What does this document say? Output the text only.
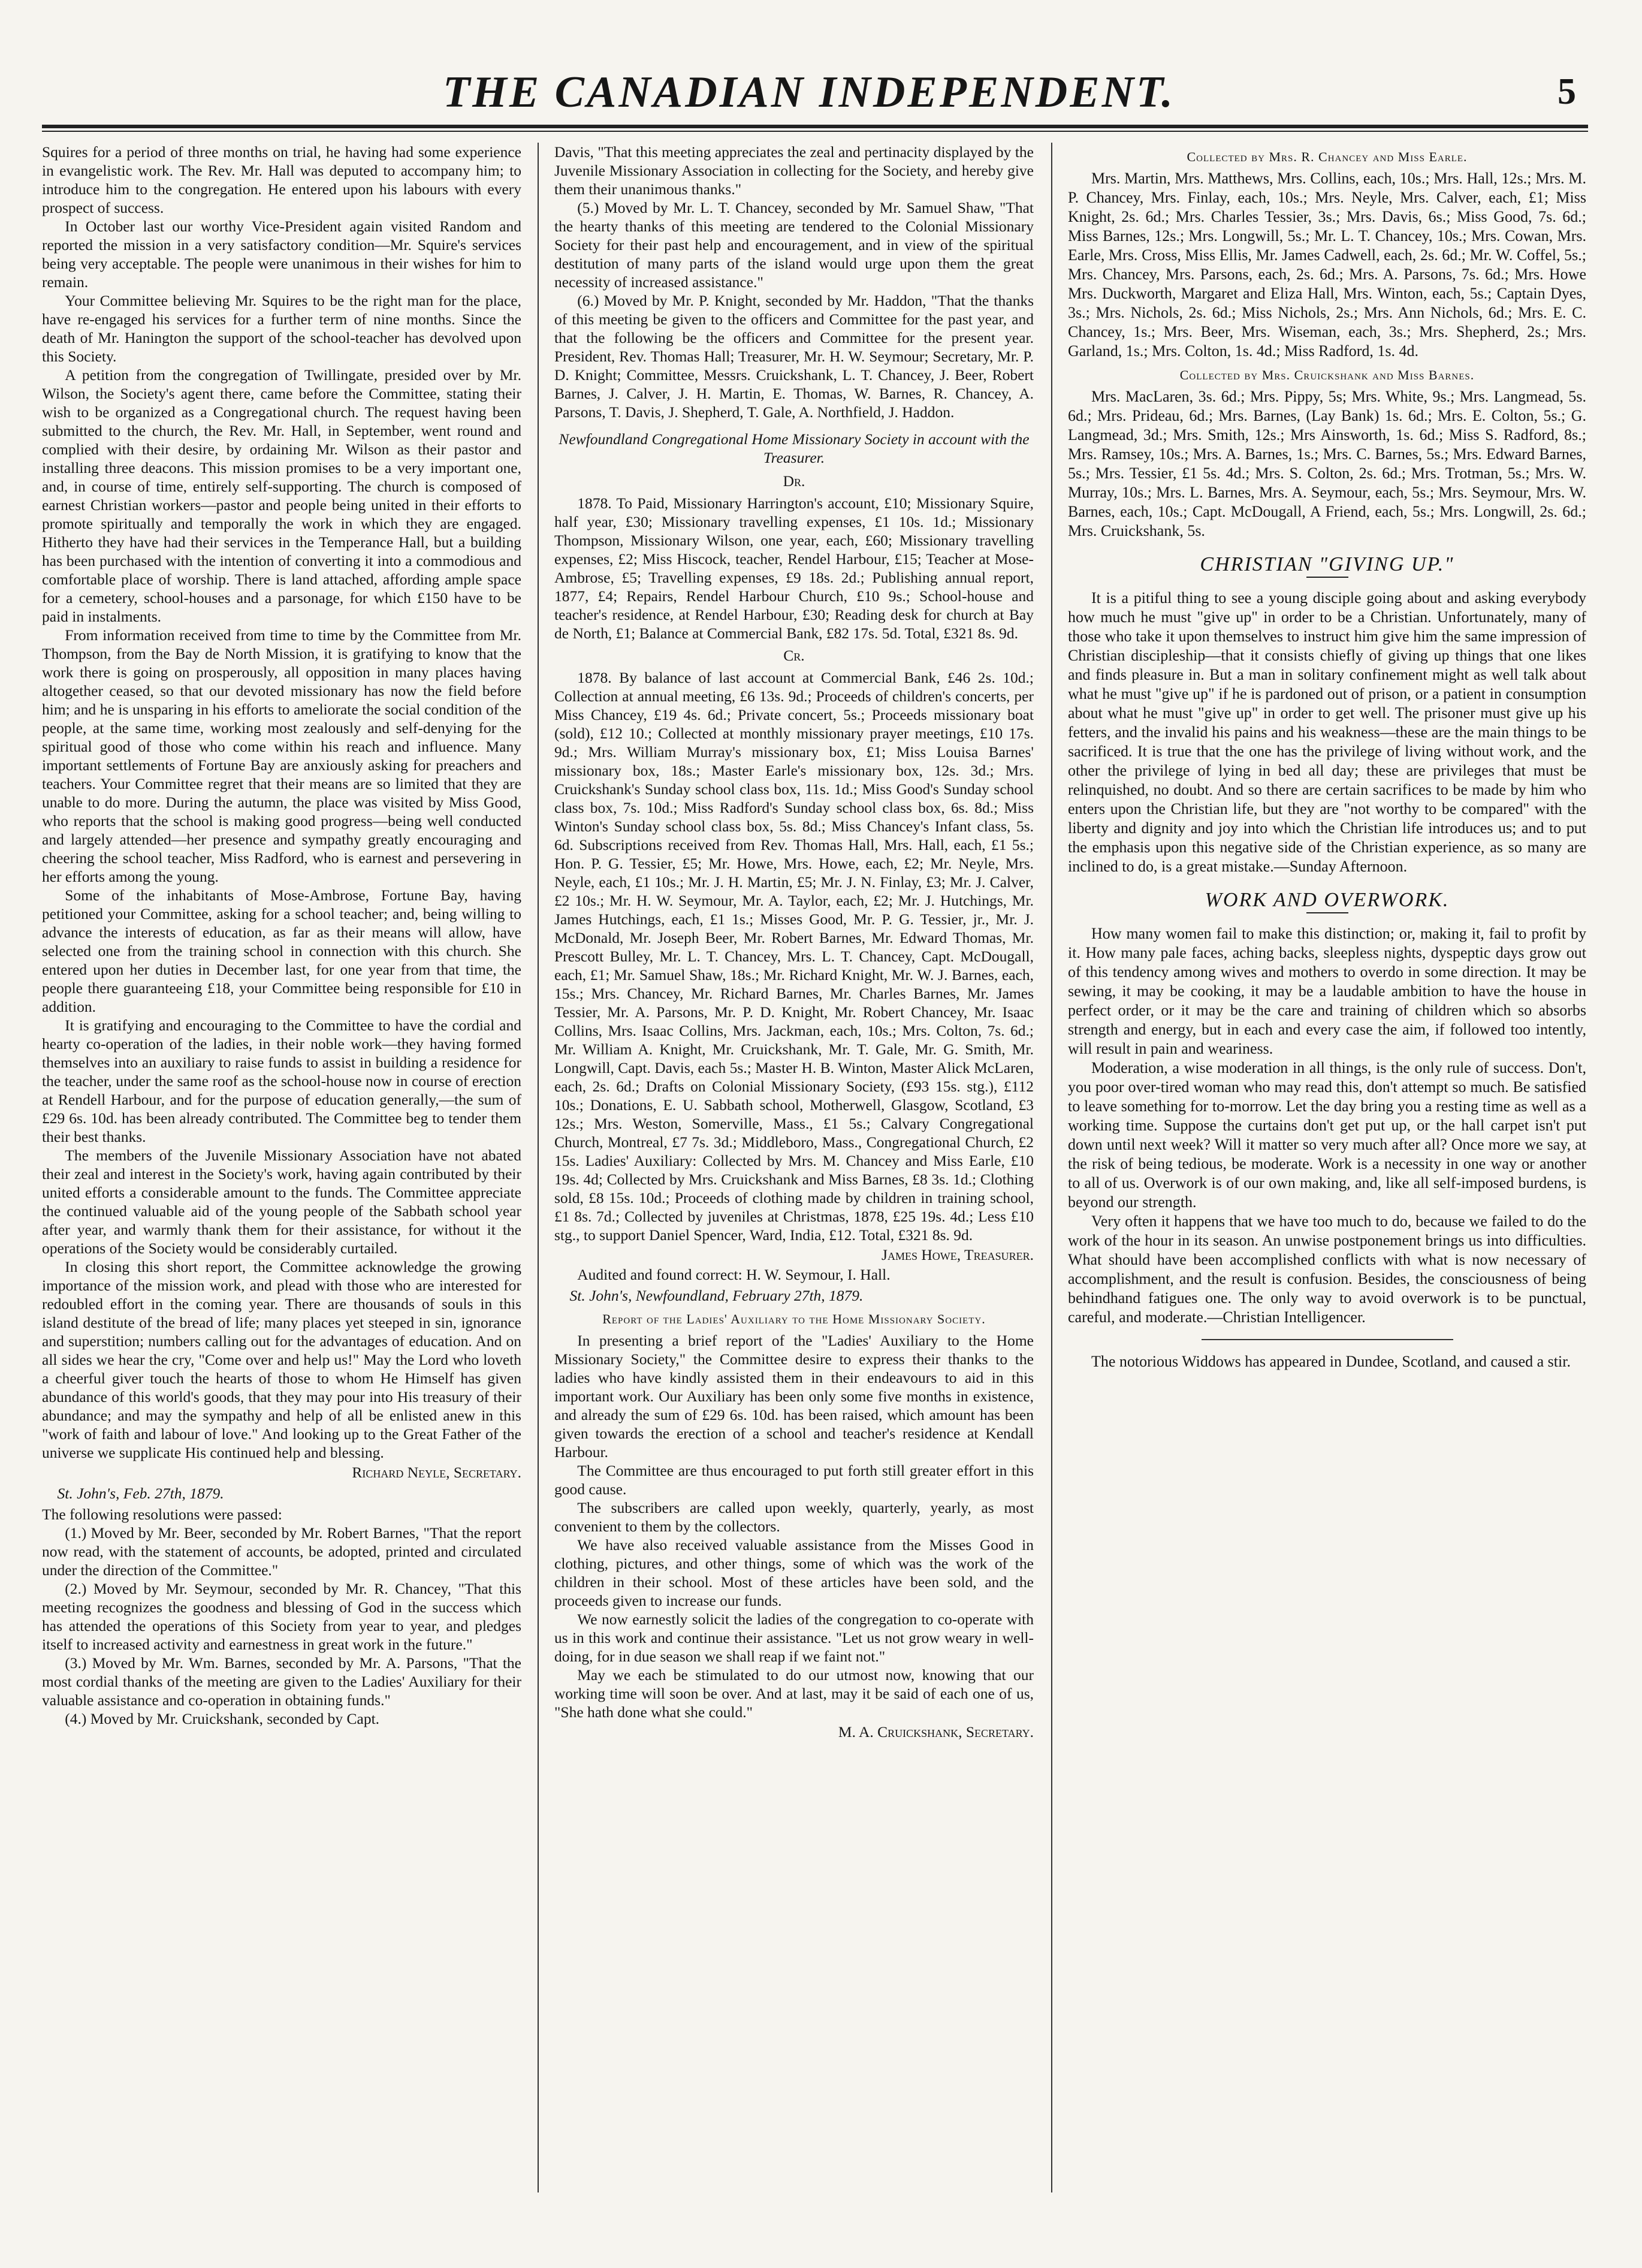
THE CANADIAN INDEPENDENT.	5

Squires for a period of three months on trial, he having had some experience in evangelistic work. The Rev. Mr. Hall was deputed to accompany him; to introduce him to the congregation. He entered upon his labours with every prospect of success.

In October last our worthy Vice-President again visited Random and reported the mission in a very satisfactory condition—Mr. Squire's services being very acceptable. The people were unanimous in their wishes for him to remain.

Your Committee believing Mr. Squires to be the right man for the place, have re-engaged his services for a further term of nine months. Since the death of Mr. Hanington the support of the school-teacher has devolved upon this Society.

A petition from the congregation of Twillingate, presided over by Mr. Wilson, the Society's agent there, came before the Committee, stating their wish to be organized as a Congregational church. The request having been submitted to the church, the Rev. Mr. Hall, in September, went round and complied with their desire, by ordaining Mr. Wilson as their pastor and installing three deacons. This mission promises to be a very important one, and, in course of time, entirely self-supporting. The church is composed of earnest Christian workers—pastor and people being united in their efforts to promote spiritually and temporally the work in which they are engaged. Hitherto they have had their services in the Temperance Hall, but a building has been purchased with the intention of converting it into a commodious and comfortable place of worship. There is land attached, affording ample space for a cemetery, school-houses and a parsonage, for which £150 have to be paid in instalments.

From information received from time to time by the Committee from Mr. Thompson, from the Bay de North Mission, it is gratifying to know that the work there is going on prosperously, all opposition in many places having altogether ceased, so that our devoted missionary has now the field before him; and he is unsparing in his efforts to ameliorate the social condition of the people, at the same time, working most zealously and self-denying for the spiritual good of those who come within his reach and influence. Many important settlements of Fortune Bay are anxiously asking for preachers and teachers. Your Committee regret that their means are so limited that they are unable to do more. During the autumn, the place was visited by Miss Good, who reports that the school is making good progress—being well conducted and largely attended—her presence and sympathy greatly encouraging and cheering the school teacher, Miss Radford, who is earnest and persevering in her efforts among the young.

Some of the inhabitants of Mose-Ambrose, Fortune Bay, having petitioned your Committee, asking for a school teacher; and, being willing to advance the interests of education, as far as their means will allow, have selected one from the training school in connection with this church. She entered upon her duties in December last, for one year from that time, the people there guaranteeing £18, your Committee being responsible for £10 in addition.

It is gratifying and encouraging to the Committee to have the cordial and hearty co-operation of the ladies, in their noble work—they having formed themselves into an auxiliary to raise funds to assist in building a residence for the teacher, under the same roof as the school-house now in course of erection at Rendell Harbour, and for the purpose of education generally,—the sum of £29 6s. 10d. has been already contributed. The Committee beg to tender them their best thanks.

The members of the Juvenile Missionary Association have not abated their zeal and interest in the Society's work, having again contributed by their united efforts a considerable amount to the funds. The Committee appreciate the continued valuable aid of the young people of the Sabbath school year after year, and warmly thank them for their assistance, for without it the operations of the Society would be considerably curtailed.

In closing this short report, the Committee acknowledge the growing importance of the mission work, and plead with those who are interested for redoubled effort in the coming year. There are thousands of souls in this island destitute of the bread of life; many places yet steeped in sin, ignorance and superstition; numbers calling out for the advantages of education. And on all sides we hear the cry, "Come over and help us!" May the Lord who loveth a cheerful giver touch the hearts of those to whom He Himself has given abundance of this world's goods, that they may pour into His treasury of their abundance; and may the sympathy and help of all be enlisted anew in this "work of faith and labour of love." And looking up to the Great Father of the universe we supplicate His continued help and blessing.

Richard Neyle, Secretary.
St. John's, Feb. 27th, 1879.

The following resolutions were passed:

(1.) Moved by Mr. Beer, seconded by Mr. Robert Barnes, "That the report now read, with the statement of accounts, be adopted, printed and circulated under the direction of the Committee."

(2.) Moved by Mr. Seymour, seconded by Mr. R. Chancey, "That this meeting recognizes the goodness and blessing of God in the success which has attended the operations of this Society from year to year, and pledges itself to increased activity and earnestness in great work in the future."

(3.) Moved by Mr. Wm. Barnes, seconded by Mr. A. Parsons, "That the most cordial thanks of the meeting are given to the Ladies' Auxiliary for their valuable assistance and co-operation in obtaining funds."

(4.) Moved by Mr. Cruickshank, seconded by Capt.

Davis, "That this meeting appreciates the zeal and pertinacity displayed by the Juvenile Missionary Association in collecting for the Society, and hereby give them their unanimous thanks."

(5.) Moved by Mr. L. T. Chancey, seconded by Mr. Samuel Shaw, "That the hearty thanks of this meeting are tendered to the Colonial Missionary Society for their past help and encouragement, and in view of the spiritual destitution of many parts of the island would urge upon them the great necessity of increased assistance."

(6.) Moved by Mr. P. Knight, seconded by Mr. Haddon, "That the thanks of this meeting be given to the officers and Committee for the past year, and that the following be the officers and Committee for the present year. President, Rev. Thomas Hall; Treasurer, Mr. H. W. Seymour; Secretary, Mr. P. D. Knight; Committee, Messrs. Cruickshank, L. T. Chancey, J. Beer, Robert Barnes, J. Calver, J. H. Martin, E. Thomas, W. Barnes, R. Chancey, A. Parsons, T. Davis, J. Shepherd, T. Gale, A. Northfield, J. Haddon.

Newfoundland Congregational Home Missionary Society in account with the Treasurer.
Dr.

1878. To Paid, Missionary Harrington's account, £10; Missionary Squire, half year, £30; Missionary travelling expenses, £1 10s. 1d.; Missionary Thompson, Missionary Wilson, one year, each, £60; Missionary travelling expenses, £2; Miss Hiscock, teacher, Rendel Harbour, £15; Teacher at Mose-Ambrose, £5; Travelling expenses, £9 18s. 2d.; Publishing annual report, 1877, £4; Repairs, Rendel Harbour Church, £10 9s.; School-house and teacher's residence, at Rendel Harbour, £30; Reading desk for church at Bay de North, £1; Balance at Commercial Bank, £82 17s. 5d. Total, £321 8s. 9d.

Cr.

1878. By balance of last account at Commercial Bank, £46 2s. 10d.; Collection at annual meeting, £6 13s. 9d.; Proceeds of children's concerts, per Miss Chancey, £19 4s. 6d.; Private concert, 5s.; Proceeds missionary boat (sold), £12 10.; Collected at monthly missionary prayer meetings, £10 17s. 9d.; Mrs. William Murray's missionary box, £1; Miss Louisa Barnes' missionary box, 18s.; Master Earle's missionary box, 12s. 3d.; Mrs. Cruickshank's Sunday school class box, 11s. 1d.; Miss Good's Sunday school class box, 7s. 10d.; Miss Radford's Sunday school class box, 6s. 8d.; Miss Winton's Sunday school class box, 5s. 8d.; Miss Chancey's Infant class, 5s. 6d. Subscriptions received from Rev. Thomas Hall, Mrs. Hall, each, £1 5s.; Hon. P. G. Tessier, £5; Mr. Howe, Mrs. Howe, each, £2; Mr. Neyle, Mrs. Neyle, each, £1 10s.; Mr. J. H. Martin, £5; Mr. J. N. Finlay, £3; Mr. J. Calver, £2 10s.; Mr. H. W. Seymour, Mr. A. Taylor, each, £2; Mr. J. Hutchings, Mr. James Hutchings, each, £1 1s.; Misses Good, Mr. P. G. Tessier, jr., Mr. J. McDonald, Mr. Joseph Beer, Mr. Robert Barnes, Mr. Edward Thomas, Mr. Prescott Bulley, Mr. L. T. Chancey, Mrs. L. T. Chancey, Capt. McDougall, each, £1; Mr. Samuel Shaw, 18s.; Mr. Richard Knight, Mr. W. J. Barnes, each, 15s.; Mrs. Chancey, Mr. Richard Barnes, Mr. Charles Barnes, Mr. James Tessier, Mr. A. Parsons, Mr. P. D. Knight, Mr. Robert Chancey, Mr. Isaac Collins, Mrs. Isaac Collins, Mrs. Jackman, each, 10s.; Mrs. Colton, 7s. 6d.; Mr. William A. Knight, Mr. Cruickshank, Mr. T. Gale, Mr. G. Smith, Mr. Longwill, Capt. Davis, each 5s.; Master H. B. Winton, Master Alick McLaren, each, 2s. 6d.; Drafts on Colonial Missionary Society, (£93 15s. stg.), £112 10s.; Donations, E. U. Sabbath school, Motherwell, Glasgow, Scotland, £3 12s.; Mrs. Weston, Somerville, Mass., £1 5s.; Calvary Congregational Church, Montreal, £7 7s. 3d.; Middleboro, Mass., Congregational Church, £2 15s. Ladies' Auxiliary: Collected by Mrs. M. Chancey and Miss Earle, £10 19s. 4d; Collected by Mrs. Cruickshank and Miss Barnes, £8 3s. 1d.; Clothing sold, £8 15s. 10d.; Proceeds of clothing made by children in training school, £1 8s. 7d.; Collected by juveniles at Christmas, 1878, £25 19s. 4d.; Less £10 stg., to support Daniel Spencer, Ward, India, £12. Total, £321 8s. 9d.

James Howe, Treasurer.

Audited and found correct: H. W. Seymour, I. Hall.

St. John's, Newfoundland, February 27th, 1879.
Report of the Ladies' Auxiliary to the Home Missionary Society.

In presenting a brief report of the "Ladies' Auxiliary to the Home Missionary Society," the Committee desire to express their thanks to the ladies who have kindly assisted them in their endeavours to aid in this important work. Our Auxiliary has been only some five months in existence, and already the sum of £29 6s. 10d. has been raised, which amount has been given towards the erection of a school and teacher's residence at Kendall Harbour.

The Committee are thus encouraged to put forth still greater effort in this good cause.

The subscribers are called upon weekly, quarterly, yearly, as most convenient to them by the collectors.

We have also received valuable assistance from the Misses Good in clothing, pictures, and other things, some of which was the work of the children in their school. Most of these articles have been sold, and the proceeds given to increase our funds.

We now earnestly solicit the ladies of the congregation to co-operate with us in this work and continue their assistance. "Let us not grow weary in well-doing, for in due season we shall reap if we faint not."

May we each be stimulated to do our utmost now, knowing that our working time will soon be over. And at last, may it be said of each one of us, "She hath done what she could."

M. A. Cruickshank, Secretary.
Collected by Mrs. R. Chancey and Miss Earle.

Mrs. Martin, Mrs. Matthews, Mrs. Collins, each, 10s.; Mrs. Hall, 12s.; Mrs. M. P. Chancey, Mrs. Finlay, each, 10s.; Mrs. Neyle, Mrs. Calver, each, £1; Miss Knight, 2s. 6d.; Mrs. Charles Tessier, 3s.; Mrs. Davis, 6s.; Miss Good, 7s. 6d.; Miss Barnes, 12s.; Mrs. Longwill, 5s.; Mr. L. T. Chancey, 10s.; Mrs. Cowan, Mrs. Earle, Mrs. Cross, Miss Ellis, Mr. James Cadwell, each, 2s. 6d.; Mr. W. Coffel, 5s.; Mrs. Chancey, Mrs. Parsons, each, 2s. 6d.; Mrs. A. Parsons, 7s. 6d.; Mrs. Howe Mrs. Duckworth, Margaret and Eliza Hall, Mrs. Winton, each, 5s.; Captain Dyes, 3s.; Mrs. Nichols, 2s. 6d.; Miss Nichols, 2s.; Mrs. Ann Nichols, 6d.; Mrs. E. C. Chancey, 1s.; Mrs. Beer, Mrs. Wiseman, each, 3s.; Mrs. Shepherd, 2s.; Mrs. Garland, 1s.; Mrs. Colton, 1s. 4d.; Miss Radford, 1s. 4d.

Collected by Mrs. Cruickshank and Miss Barnes.

Mrs. MacLaren, 3s. 6d.; Mrs. Pippy, 5s; Mrs. White, 9s.; Mrs. Langmead, 5s. 6d.; Mrs. Prideau, 6d.; Mrs. Barnes, (Lay Bank) 1s. 6d.; Mrs. E. Colton, 5s.; G. Langmead, 3d.; Mrs. Smith, 12s.; Mrs Ainsworth, 1s. 6d.; Miss S. Radford, 8s.; Mrs. Ramsey, 10s.; Mrs. A. Barnes, 1s.; Mrs. C. Barnes, 5s.; Mrs. Edward Barnes, 5s.; Mrs. Tessier, £1 5s. 4d.; Mrs. S. Colton, 2s. 6d.; Mrs. Trotman, 5s.; Mrs. W. Murray, 10s.; Mrs. L. Barnes, Mrs. A. Seymour, each, 5s.; Mrs. Seymour, Mrs. W. Barnes, each, 10s.; Capt. McDougall, A Friend, each, 5s.; Mrs. Longwill, 2s. 6d.; Mrs. Cruickshank, 5s.

CHRISTIAN "GIVING UP."

It is a pitiful thing to see a young disciple going about and asking everybody how much he must "give up" in order to be a Christian. Unfortunately, many of those who take it upon themselves to instruct him give him the same impression of Christian discipleship—that it consists chiefly of giving up things that one likes and finds pleasure in. But a man in solitary confinement might as well talk about what he must "give up" if he is pardoned out of prison, or a patient in consumption about what he must "give up" in order to get well. The prisoner must give up his fetters, and the invalid his pains and his weakness—these are the main things to be sacrificed. It is true that the one has the privilege of living without work, and the other the privilege of lying in bed all day; these are privileges that must be relinquished, no doubt. And so there are certain sacrifices to be made by him who enters upon the Christian life, but they are "not worthy to be compared" with the liberty and dignity and joy into which the Christian life introduces us; and to put the emphasis upon this negative side of the Christian experience, as so many are inclined to do, is a great mistake.—Sunday Afternoon.

WORK AND OVERWORK.

How many women fail to make this distinction; or, making it, fail to profit by it. How many pale faces, aching backs, sleepless nights, dyspeptic days grow out of this tendency among wives and mothers to overdo in some direction. It may be sewing, it may be cooking, it may be a laudable ambition to have the house in perfect order, or it may be the care and training of children which so absorbs strength and energy, but in each and every case the aim, if followed too intently, will result in pain and weariness.

Moderation, a wise moderation in all things, is the only rule of success. Don't, you poor over-tired woman who may read this, don't attempt so much. Be satisfied to leave something for to-morrow. Let the day bring you a resting time as well as a working time. Suppose the curtains don't get put up, or the hall carpet isn't put down until next week? Will it matter so very much after all? Once more we say, at the risk of being tedious, be moderate. Work is a necessity in one way or another to all of us. Overwork is of our own making, and, like all self-imposed burdens, is beyond our strength.

Very often it happens that we have too much to do, because we failed to do the work of the hour in its season. An unwise postponement brings us into difficulties. What should have been accomplished conflicts with what is now necessary of accomplishment, and the result is confusion. Besides, the consciousness of being behindhand fatigues one. The only way to avoid overwork is to be punctual, careful, and moderate.—Christian Intelligencer.

The notorious Widdows has appeared in Dundee, Scotland, and caused a stir.
